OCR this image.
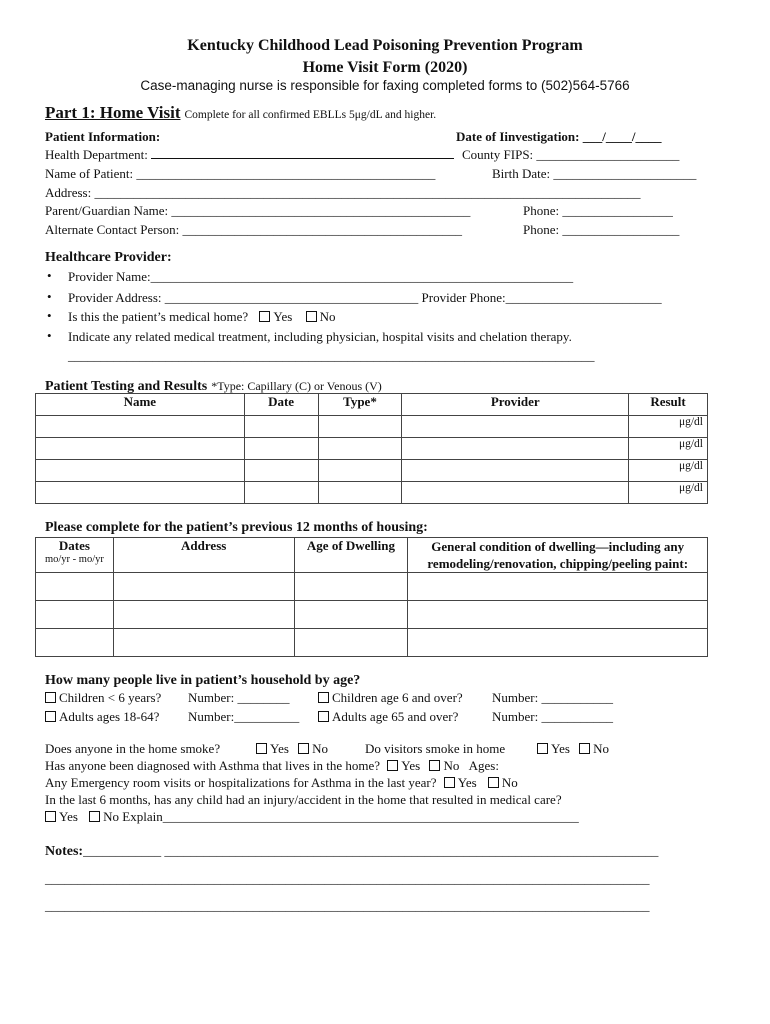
Kentucky Childhood Lead Poisoning Prevention Program
Home Visit Form (2020)
Case-managing nurse is responsible for faxing completed forms to (502)564-5766
Part 1: Home Visit Complete for all confirmed EBLLs 5μg/dL and higher.
Patient Information:	Date of Iinvestigation: ___/____/____
Health Department:	County FIPS: ______________________
Name of Patient: ______________________________________________	Birth Date: ______________________
Address: ____________________________________________________________________________________
Parent/Guardian Name: ______________________________________________	Phone: _________________
Alternate Contact Person: ___________________________________________	Phone: __________________
Healthcare Provider:
• Provider Name:_________________________________________________________________
• Provider Address: _______________________________________ Provider Phone:________________________
• Is this the patient’s medical home? Yes No
• Indicate any related medical treatment, including physician, hospital visits and chelation therapy.
_________________________________________________________________________________
Patient Testing and Results *Type: Capillary (C) or Venous (V)
Name	Date	Type*	Provider	Result
				μg/dl
				μg/dl
				μg/dl
				μg/dl
Please complete for the patient’s previous 12 months of housing:
Dates
mo/yr - mo/yr	Address	Age of Dwelling	General condition of dwelling—including any remodeling/renovation, chipping/peeling paint:

How many people live in patient’s household by age?
Children < 6 years? Number: ________	Children age 6 and over? Number: ___________
Adults ages 18-64? Number:__________	Adults age 65 and over?	Number: ___________
Does anyone in the home smoke?	Yes No	Do visitors smoke in home	Yes No
Has anyone been diagnosed with Asthma that lives in the home? Yes No Ages:
Any Emergency room visits or hospitalizations for Asthma in the last year? Yes No
In the last 6 months, has any child had an injury/accident in the home that resulted in medical care?
Yes No Explain________________________________________________________________
Notes:____________ ____________________________________________________________________________
_____________________________________________________________________________________________
_____________________________________________________________________________________________
